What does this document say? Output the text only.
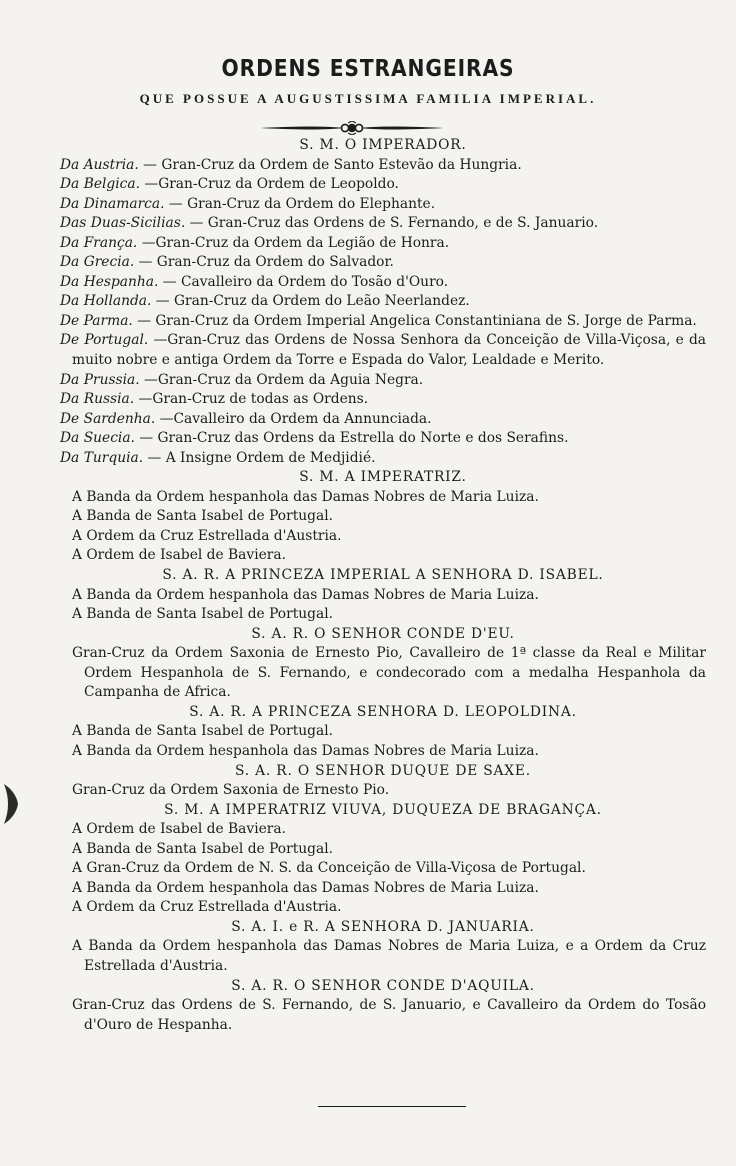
ORDENS ESTRANGEIRAS
QUE POSSUE A AUGUSTISSIMA FAMILIA IMPERIAL.
S. M. O IMPERADOR.
Da Austria. — Gran-Cruz da Ordem de Santo Estevão da Hungria.
Da Belgica. —Gran-Cruz da Ordem de Leopoldo.
Da Dinamarca. — Gran-Cruz da Ordem do Elephante.
Das Duas-Sicilias. — Gran-Cruz das Ordens de S. Fernando, e de S. Januario.
Da França. —Gran-Cruz da Ordem da Legião de Honra.
Da Grecia. — Gran-Cruz da Ordem do Salvador.
Da Hespanha. — Cavalleiro da Ordem do Tosão d'Ouro.
Da Hollanda. — Gran-Cruz da Ordem do Leão Neerlandez.
De Parma. — Gran-Cruz da Ordem Imperial Angelica Constantiniana de S. Jorge de Parma.
De Portugal. —Gran-Cruz das Ordens de Nossa Senhora da Conceição de Villa-Viçosa, e da muito nobre e antiga Ordem da Torre e Espada do Valor, Lealdade e Merito.
Da Prussia. —Gran-Cruz da Ordem da Aguia Negra.
Da Russia. —Gran-Cruz de todas as Ordens.
De Sardenha. —Cavalleiro da Ordem da Annunciada.
Da Suecia. — Gran-Cruz das Ordens da Estrella do Norte e dos Serafins.
Da Turquia. — A Insigne Ordem de Medjidié.
S. M. A IMPERATRIZ.
A Banda da Ordem hespanhola das Damas Nobres de Maria Luiza.
A Banda de Santa Isabel de Portugal.
A Ordem da Cruz Estrellada d'Austria.
A Ordem de Isabel de Baviera.
S. A. R. A PRINCEZA IMPERIAL A SENHORA D. ISABEL.
A Banda da Ordem hespanhola das Damas Nobres de Maria Luiza.
A Banda de Santa Isabel de Portugal.
S. A. R. O SENHOR CONDE D'EU.
Gran-Cruz da Ordem Saxonia de Ernesto Pio, Cavalleiro de 1ª classe da Real e Militar Ordem Hespanhola de S. Fernando, e condecorado com a medalha Hespanhola da Campanha de Africa.
S. A. R. A PRINCEZA SENHORA D. LEOPOLDINA.
A Banda de Santa Isabel de Portugal.
A Banda da Ordem hespanhola das Damas Nobres de Maria Luiza.
S. A. R. O SENHOR DUQUE DE SAXE.
Gran-Cruz da Ordem Saxonia de Ernesto Pio.
S. M. A IMPERATRIZ VIUVA, DUQUEZA DE BRAGANÇA.
A Ordem de Isabel de Baviera.
A Banda de Santa Isabel de Portugal.
A Gran-Cruz da Ordem de N. S. da Conceição de Villa-Viçosa de Portugal.
A Banda da Ordem hespanhola das Damas Nobres de Maria Luiza.
A Ordem da Cruz Estrellada d'Austria.
S. A. I. e R. A SENHORA D. JANUARIA.
A Banda da Ordem hespanhola das Damas Nobres de Maria Luiza, e a Ordem da Cruz Estrellada d'Austria.
S. A. R. O SENHOR CONDE D'AQUILA.
Gran-Cruz das Ordens de S. Fernando, de S. Januario, e Cavalleiro da Ordem do Tosão d'Ouro de Hespanha.
